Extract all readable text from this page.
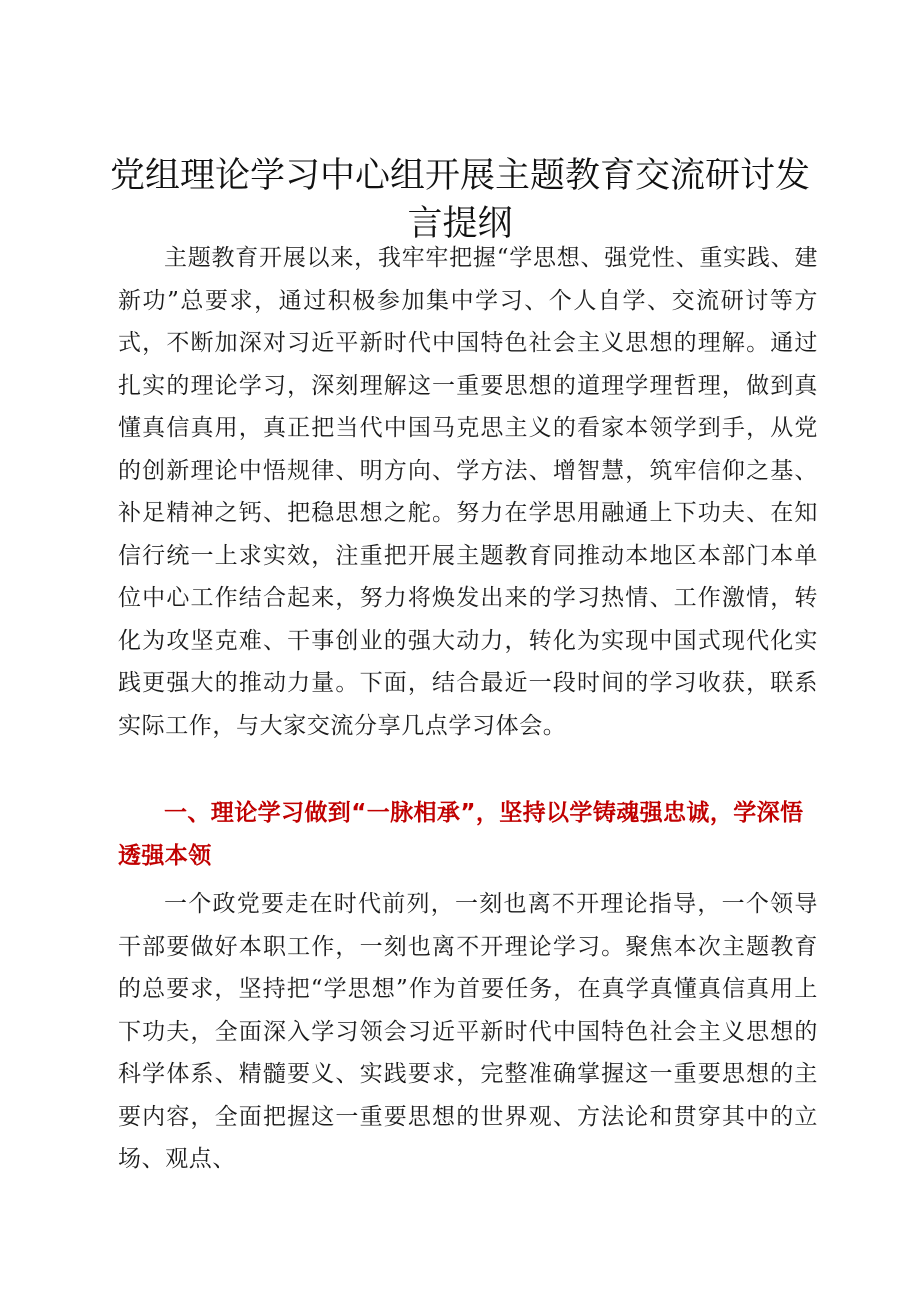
党组理论学习中心组开展主题教育交流研讨发言提纲

主题教育开展以来，我牢牢把握“学思想、强党性、重实践、建新功”总要求，通过积极参加集中学习、个人自学、交流研讨等方式，不断加深对习近平新时代中国特色社会主义思想的理解。通过扎实的理论学习，深刻理解这一重要思想的道理学理哲理，做到真懂真信真用，真正把当代中国马克思主义的看家本领学到手，从党的创新理论中悟规律、明方向、学方法、增智慧，筑牢信仰之基、补足精神之钙、把稳思想之舵。努力在学思用融通上下功夫、在知信行统一上求实效，注重把开展主题教育同推动本地区本部门本单位中心工作结合起来，努力将焕发出来的学习热情、工作激情，转化为攻坚克难、干事创业的强大动力，转化为实现中国式现代化实践更强大的推动力量。下面，结合最近一段时间的学习收获，联系实际工作，与大家交流分享几点学习体会。

一、理论学习做到“一脉相承”，坚持以学铸魂强忠诚，学深悟透强本领

一个政党要走在时代前列，一刻也离不开理论指导，一个领导干部要做好本职工作，一刻也离不开理论学习。聚焦本次主题教育的总要求，坚持把“学思想”作为首要任务，在真学真懂真信真用上下功夫，全面深入学习领会习近平新时代中国特色社会主义思想的科学体系、精髓要义、实践要求，完整准确掌握这一重要思想的主要内容，全面把握这一重要思想的世界观、方法论和贯穿其中的立场、观点、
